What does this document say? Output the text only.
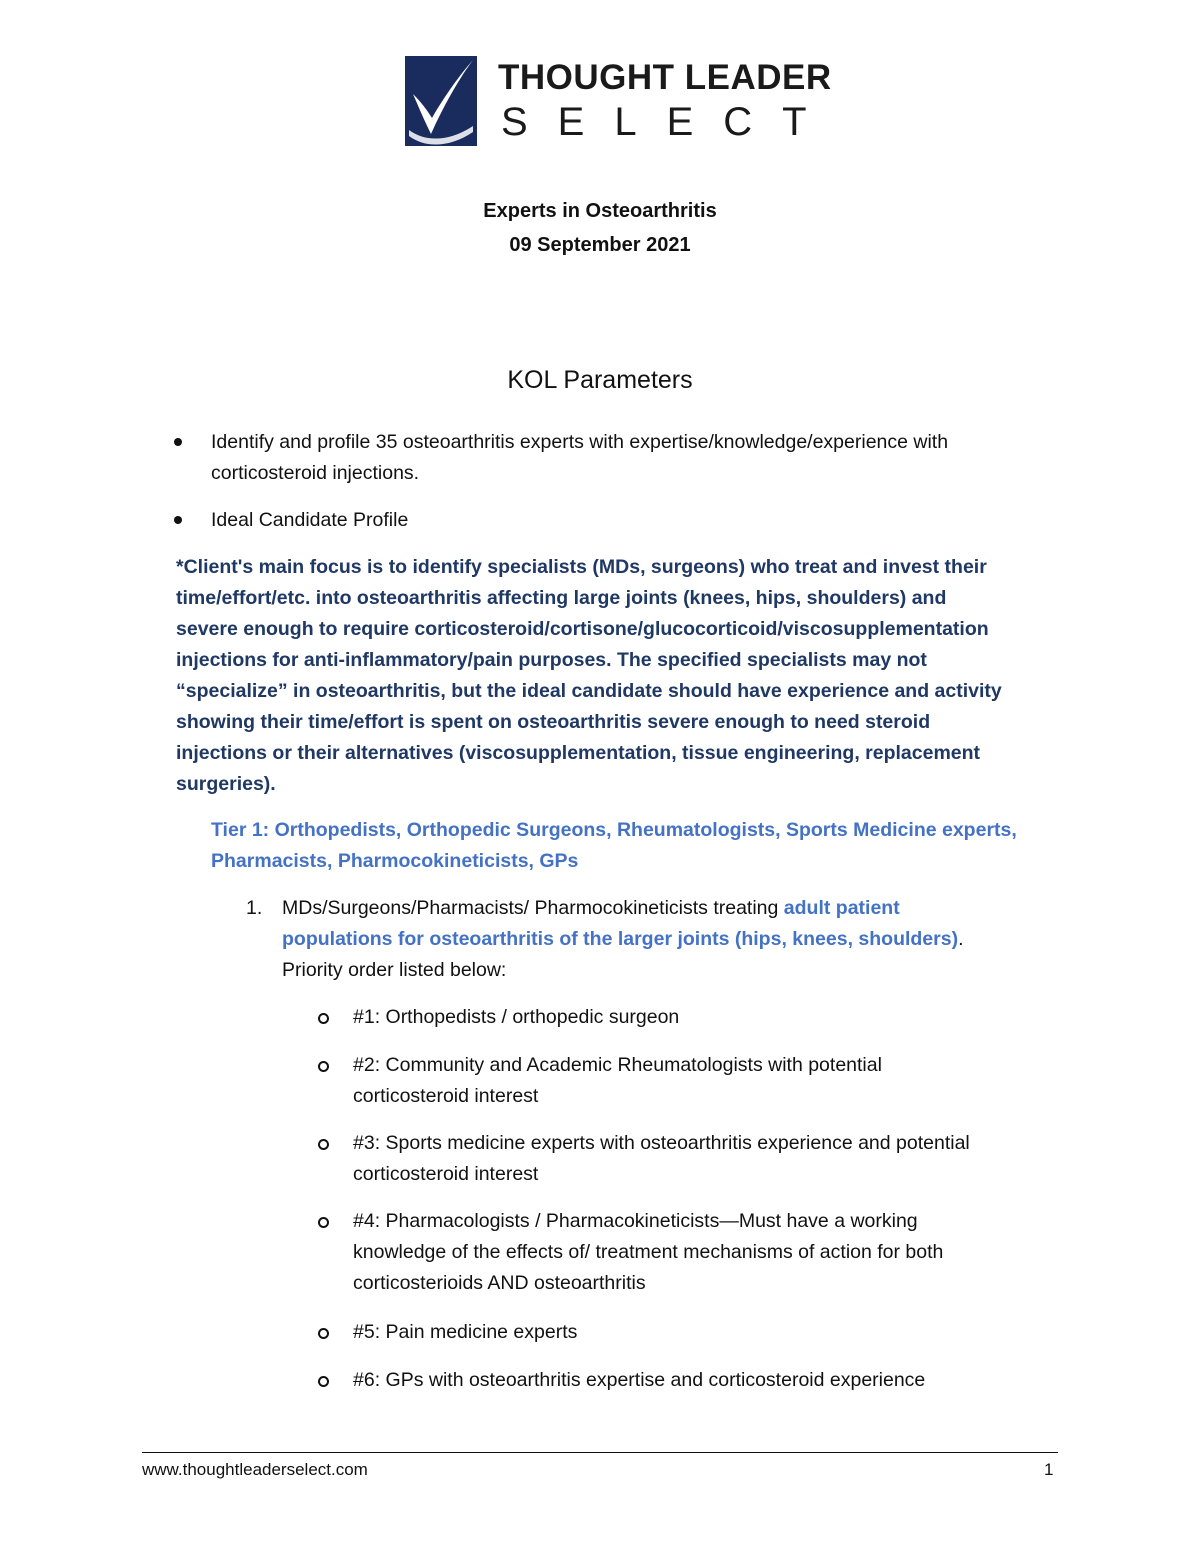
THOUGHT LEADER
SELECT
Experts in Osteoarthritis
09 September 2021
KOL Parameters
Identify and profile 35 osteoarthritis experts with expertise/knowledge/experience with
corticosteroid injections.
Ideal Candidate Profile
*Client's main focus is to identify specialists (MDs, surgeons) who treat and invest their
time/effort/etc. into osteoarthritis affecting large joints (knees, hips, shoulders) and
severe enough to require corticosteroid/cortisone/glucocorticoid/viscosupplementation
injections for anti-inflammatory/pain purposes. The specified specialists may not
“specialize” in osteoarthritis, but the ideal candidate should have experience and activity
showing their time/effort is spent on osteoarthritis severe enough to need steroid
injections or their alternatives (viscosupplementation, tissue engineering, replacement
surgeries).
Tier 1: Orthopedists, Orthopedic Surgeons, Rheumatologists, Sports Medicine experts,
Pharmacists, Pharmocokineticists, GPs
1. MDs/Surgeons/Pharmacists/ Pharmocokineticists treating adult patient
populations for osteoarthritis of the larger joints (hips, knees, shoulders).
Priority order listed below:
#1: Orthopedists / orthopedic surgeon
#2: Community and Academic Rheumatologists with potential
corticosteroid interest
#3: Sports medicine experts with osteoarthritis experience and potential
corticosteroid interest
#4: Pharmacologists / Pharmacokineticists—Must have a working
knowledge of the effects of/ treatment mechanisms of action for both
corticosterioids AND osteoarthritis
#5: Pain medicine experts
#6: GPs with osteoarthritis expertise and corticosteroid experience
www.thoughtleaderselect.com	1
